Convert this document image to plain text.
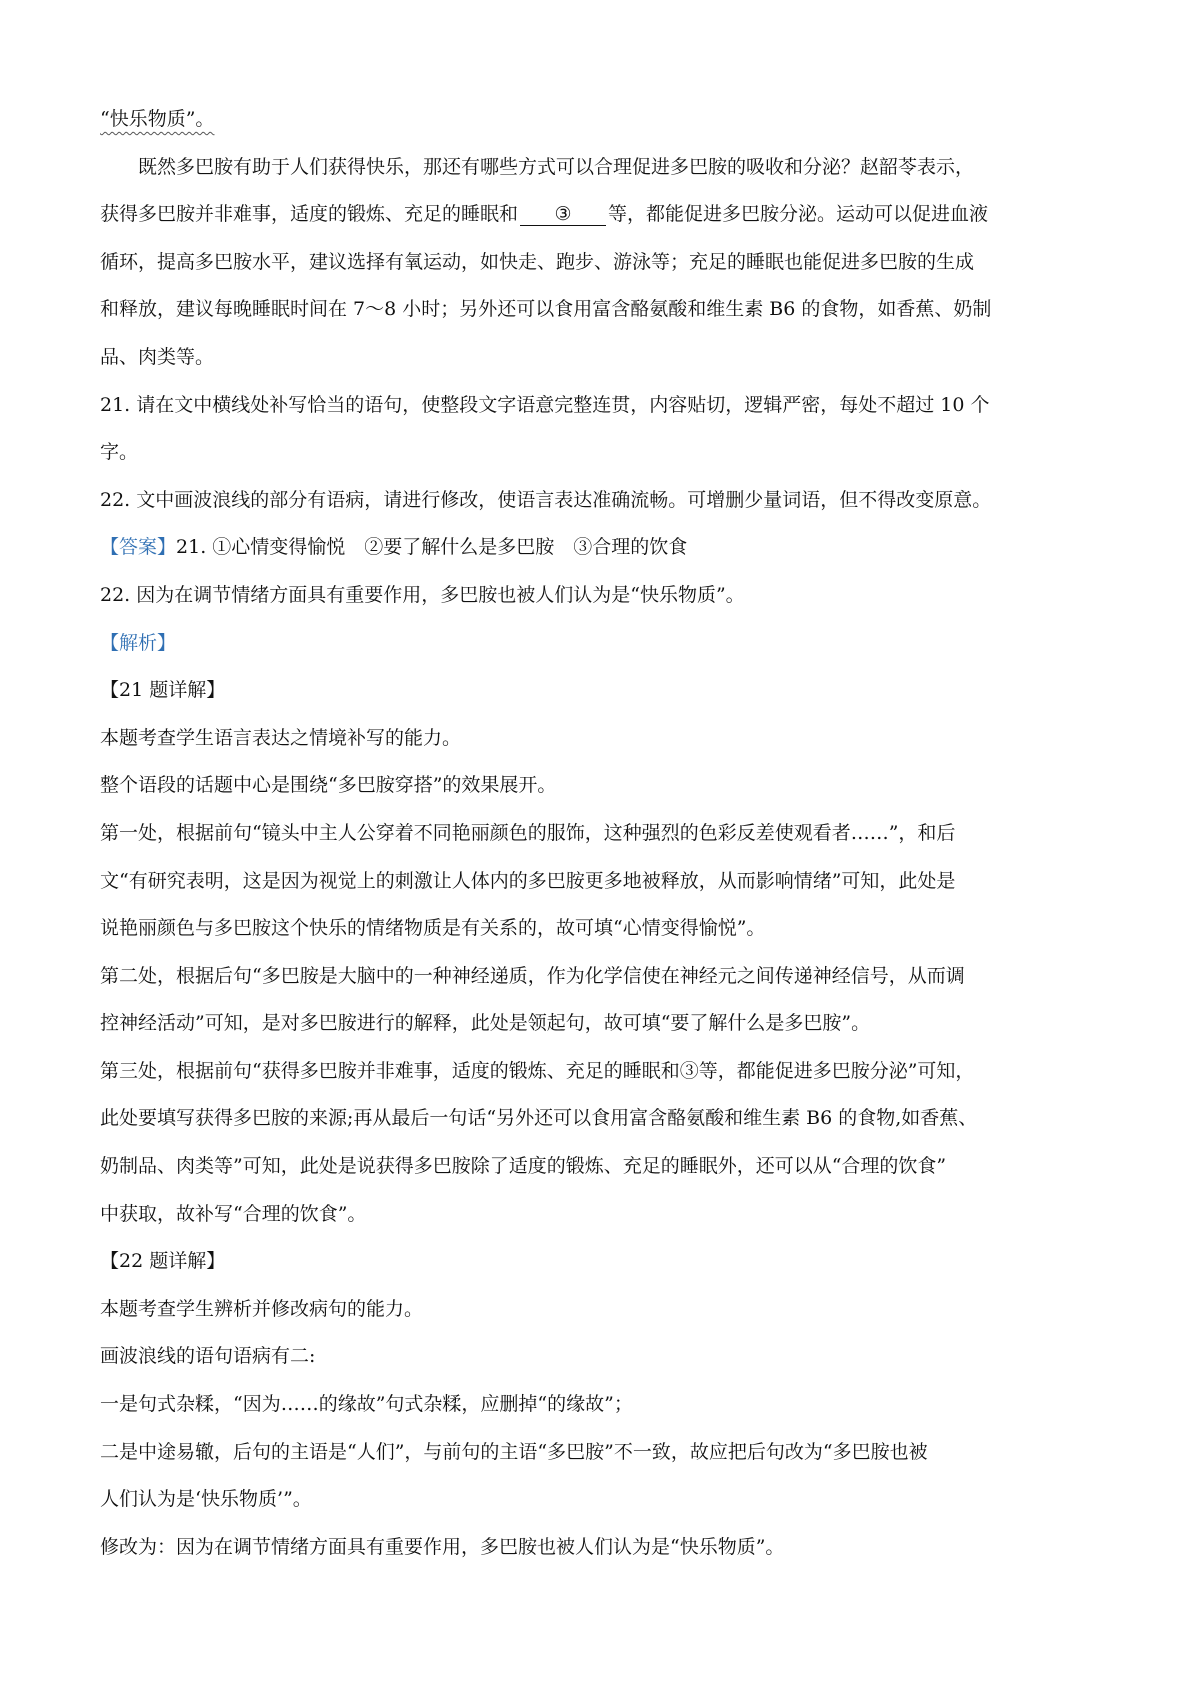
“快乐物质”。
既然多巴胺有助于人们获得快乐，那还有哪些方式可以合理促进多巴胺的吸收和分泌？赵韶苓表示，
获得多巴胺并非难事，适度的锻炼、充足的睡眠和 ③ 等，都能促进多巴胺分泌。运动可以促进血液
循环，提高多巴胺水平，建议选择有氧运动，如快走、跑步、游泳等；充足的睡眠也能促进多巴胺的生成
和释放，建议每晚睡眠时间在 7～8 小时；另外还可以食用富含酪氨酸和维生素 B6 的食物，如香蕉、奶制
品、肉类等。
21. 请在文中横线处补写恰当的语句，使整段文字语意完整连贯，内容贴切，逻辑严密，每处不超过 10 个
字。
22. 文中画波浪线的部分有语病，请进行修改，使语言表达准确流畅。可增删少量词语，但不得改变原意。
【答案】21. ①心情变得愉悦　②要了解什么是多巴胺　③合理的饮食
22. 因为在调节情绪方面具有重要作用，多巴胺也被人们认为是“快乐物质”。
【解析】
【21 题详解】
本题考查学生语言表达之情境补写的能力。
整个语段的话题中心是围绕“多巴胺穿搭”的效果展开。
第一处，根据前句“镜头中主人公穿着不同艳丽颜色的服饰，这种强烈的色彩反差使观看者……”，和后
文“有研究表明，这是因为视觉上的刺激让人体内的多巴胺更多地被释放，从而影响情绪”可知，此处是
说艳丽颜色与多巴胺这个快乐的情绪物质是有关系的，故可填“心情变得愉悦”。
第二处，根据后句“多巴胺是大脑中的一种神经递质，作为化学信使在神经元之间传递神经信号，从而调
控神经活动”可知，是对多巴胺进行的解释，此处是领起句，故可填“要了解什么是多巴胺”。
第三处，根据前句“获得多巴胺并非难事，适度的锻炼、充足的睡眠和③等，都能促进多巴胺分泌”可知，
此处要填写获得多巴胺的来源;再从最后一句话“另外还可以食用富含酪氨酸和维生素 B6 的食物,如香蕉、
奶制品、肉类等”可知，此处是说获得多巴胺除了适度的锻炼、充足的睡眠外，还可以从“合理的饮食”
中获取，故补写“合理的饮食”。
【22 题详解】
本题考查学生辨析并修改病句的能力。
画波浪线的语句语病有二:
一是句式杂糅，“因为……的缘故”句式杂糅，应删掉“的缘故”；
二是中途易辙，后句的主语是“人们”，与前句的主语“多巴胺”不一致，故应把后句改为“多巴胺也被
人们认为是‘快乐物质’”。
修改为：因为在调节情绪方面具有重要作用，多巴胺也被人们认为是“快乐物质”。
